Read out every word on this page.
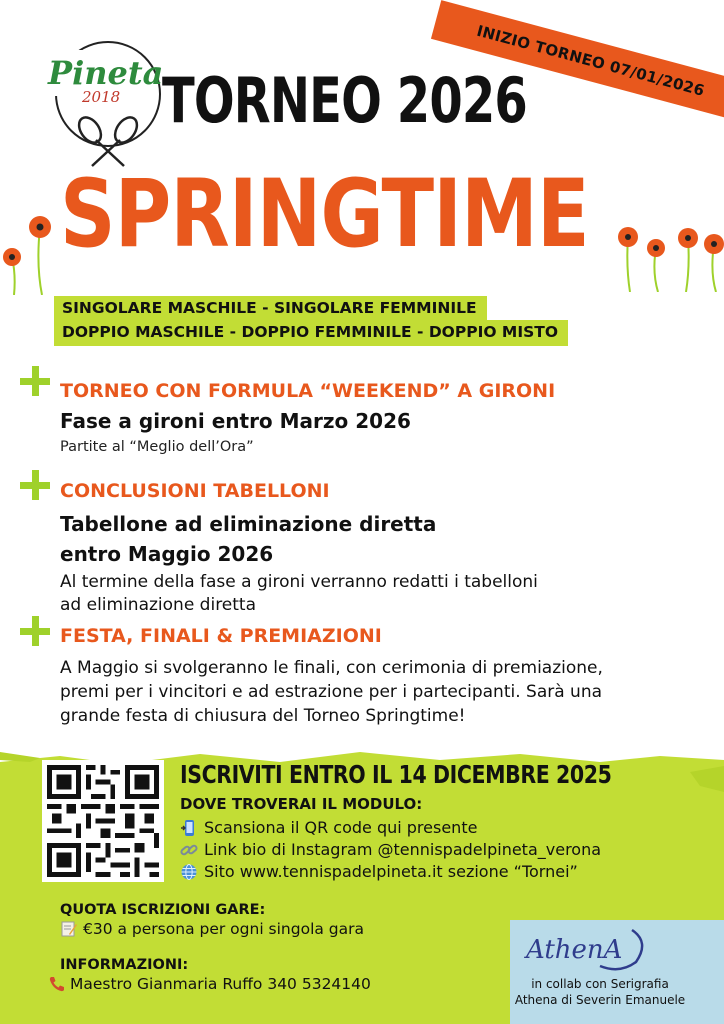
INIZIO TORNEO 07/01/2026
Pineta
2018 TORNEO 2026
SPRINGTIME
SINGOLARE MASCHILE - SINGOLARE FEMMINILE
DOPPIO MASCHILE - DOPPIO FEMMINILE - DOPPIO MISTO
TORNEO CON FORMULA “WEEKEND” A GIRONI
Fase a gironi entro Marzo 2026
Partite al “Meglio dell’Ora”
CONCLUSIONI TABELLONI
Tabellone ad eliminazione diretta
entro Maggio 2026
Al termine della fase a gironi verranno redatti i tabelloni
ad eliminazione diretta
FESTA, FINALI & PREMIAZIONI
A Maggio si svolgeranno le finali, con cerimonia di premiazione,
premi per i vincitori e ad estrazione per i partecipanti. Sarà una
grande festa di chiusura del Torneo Springtime!
ISCRIVITI ENTRO IL 14 DICEMBRE 2025
DOVE TROVERAI IL MODULO:
Scansiona il QR code qui presente
Link bio di Instagram @tennispadelpineta_verona
Sito www.tennispadelpineta.it sezione “Tornei”
QUOTA ISCRIZIONI GARE:
€30 a persona per ogni singola gara
INFORMAZIONI:
Maestro Gianmaria Ruffo 340 5324140
AthenA
in collab con Serigrafia
Athena di Severin Emanuele
